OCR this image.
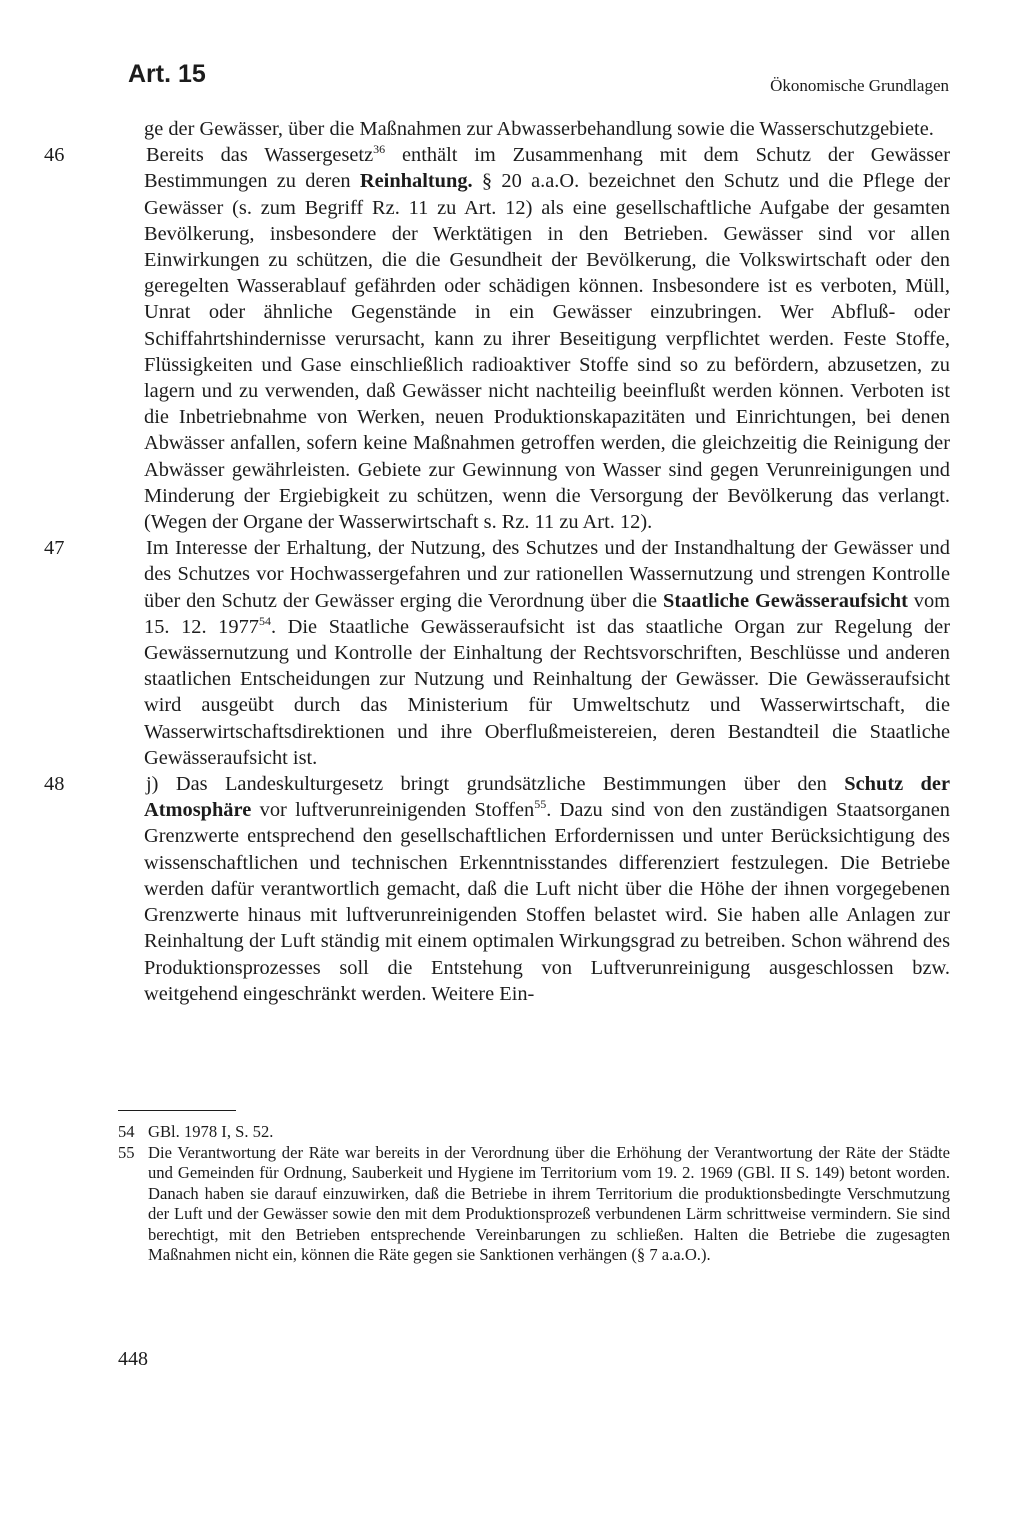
Art. 15	Ökonomische Grundlagen

ge der Gewässer, über die Maßnahmen zur Abwasserbehandlung sowie die Wasserschutzgebiete.

46	Bereits das Wassergesetz$^{36}$ enthält im Zusammenhang mit dem Schutz der Gewässer Bestimmungen zu deren Reinhaltung. § 20 a.a.O. bezeichnet den Schutz und die Pflege der Gewässer (s. zum Begriff Rz. 11 zu Art. 12) als eine gesellschaftliche Aufgabe der gesamten Bevölkerung, insbesondere der Werktätigen in den Betrieben. Gewässer sind vor allen Einwirkungen zu schützen, die die Gesundheit der Bevölkerung, die Volkswirtschaft oder den geregelten Wasserablauf gefährden oder schädigen können. Insbesondere ist es verboten, Müll, Unrat oder ähnliche Gegenstände in ein Gewässer einzubringen. Wer Abfluß- oder Schiffahrtshindernisse verursacht, kann zu ihrer Beseitigung verpflichtet werden. Feste Stoffe, Flüssigkeiten und Gase einschließlich radioaktiver Stoffe sind so zu befördern, abzusetzen, zu lagern und zu verwenden, daß Gewässer nicht nachteilig beeinflußt werden können. Verboten ist die Inbetriebnahme von Werken, neuen Produktionskapazitäten und Einrichtungen, bei denen Abwässer anfallen, sofern keine Maßnahmen getroffen werden, die gleichzeitig die Reinigung der Abwässer gewährleisten. Gebiete zur Gewinnung von Wasser sind gegen Verunreinigungen und Minderung der Ergiebigkeit zu schützen, wenn die Versorgung der Bevölkerung das verlangt. (Wegen der Organe der Wasserwirtschaft s. Rz. 11 zu Art. 12).

47	Im Interesse der Erhaltung, der Nutzung, des Schutzes und der Instandhaltung der Gewässer und des Schutzes vor Hochwassergefahren und zur rationellen Wassernutzung und strengen Kontrolle über den Schutz der Gewässer erging die Verordnung über die Staatliche Gewässeraufsicht vom 15. 12. 1977$^{54}$. Die Staatliche Gewässeraufsicht ist das staatliche Organ zur Regelung der Gewässernutzung und Kontrolle der Einhaltung der Rechtsvorschriften, Beschlüsse und anderen staatlichen Entscheidungen zur Nutzung und Reinhaltung der Gewässer. Die Gewässeraufsicht wird ausgeübt durch das Ministerium für Umweltschutz und Wasserwirtschaft, die Wasserwirtschaftsdirektionen und ihre Oberflußmeistereien, deren Bestandteil die Staatliche Gewässeraufsicht ist.

48	j) Das Landeskulturgesetz bringt grundsätzliche Bestimmungen über den Schutz der Atmosphäre vor luftverunreinigenden Stoffen$^{55}$. Dazu sind von den zuständigen Staatsorganen Grenzwerte entsprechend den gesellschaftlichen Erfordernissen und unter Berücksichtigung des wissenschaftlichen und technischen Erkenntnisstandes differenziert festzulegen. Die Betriebe werden dafür verantwortlich gemacht, daß die Luft nicht über die Höhe der ihnen vorgegebenen Grenzwerte hinaus mit luftverunreinigenden Stoffen belastet wird. Sie haben alle Anlagen zur Reinhaltung der Luft ständig mit einem optimalen Wirkungsgrad zu betreiben. Schon während des Produktionsprozesses soll die Entstehung von Luftverunreinigung ausgeschlossen bzw. weitgehend eingeschränkt werden. Weitere Ein-

54 GBl. 1978 I, S. 52.

55 Die Verantwortung der Räte war bereits in der Verordnung über die Erhöhung der Verantwortung der Räte der Städte und Gemeinden für Ordnung, Sauberkeit und Hygiene im Territorium vom 19. 2. 1969 (GBl. II S. 149) betont worden. Danach haben sie darauf einzuwirken, daß die Betriebe in ihrem Territorium die produktionsbedingte Verschmutzung der Luft und der Gewässer sowie den mit dem Produktionsprozeß verbundenen Lärm schrittweise vermindern. Sie sind berechtigt, mit den Betrieben entsprechende Vereinbarungen zu schließen. Halten die Betriebe die zugesagten Maßnahmen nicht ein, können die Räte gegen sie Sanktionen verhängen (§ 7 a.a.O.).

448
